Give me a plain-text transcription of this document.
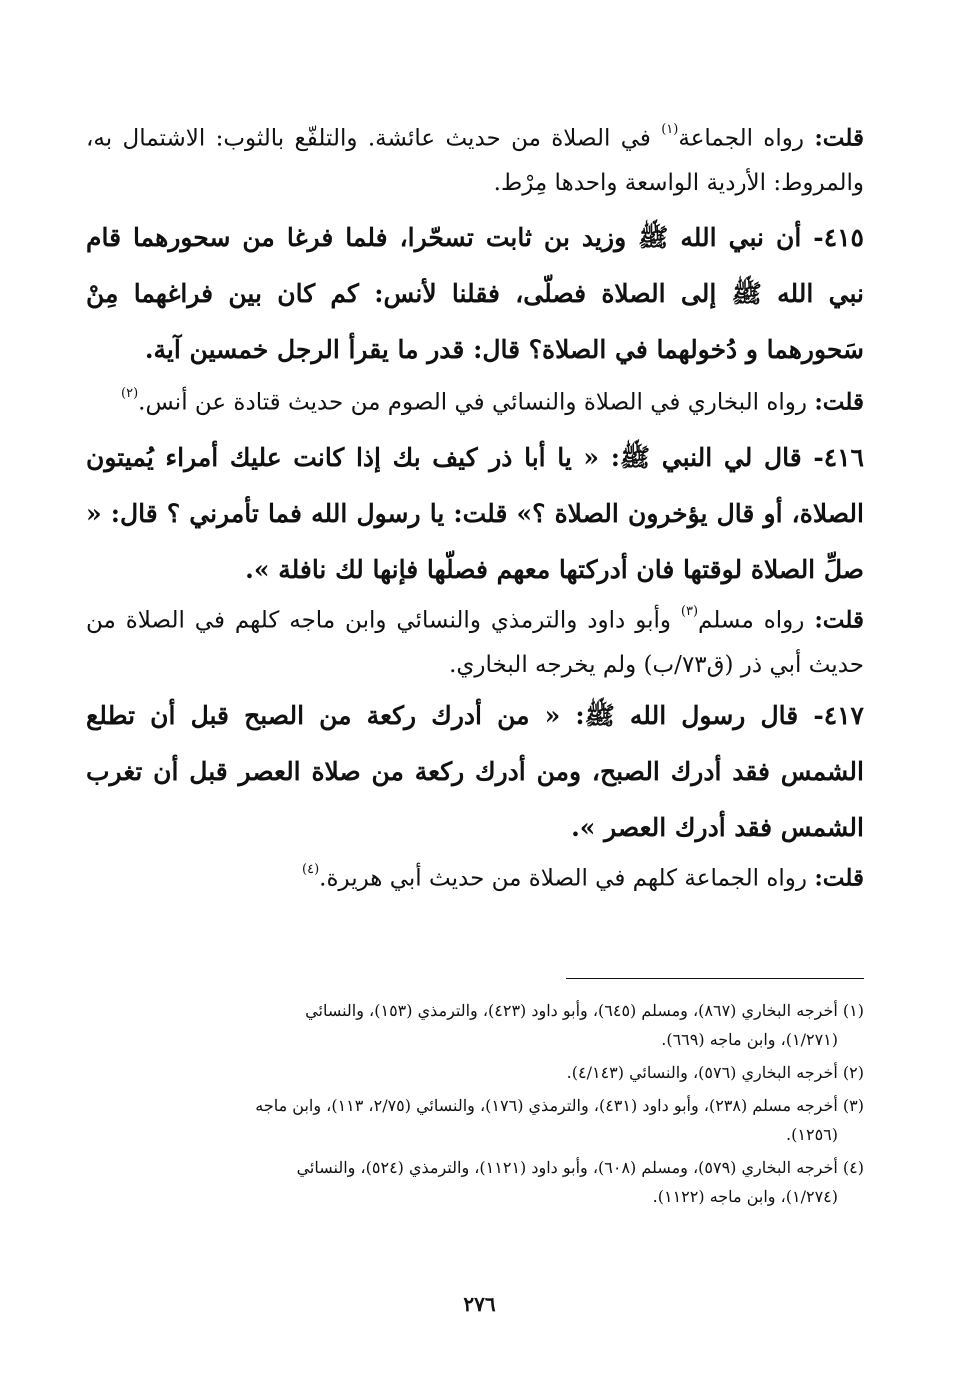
قلت: رواه الجماعة$^{(١)}$ في الصلاة من حديث عائشة. والتلفّع بالثوب: الاشتمال به، والمروط: الأردية الواسعة واحدها مِرْط.
٤١٥- أن نبي الله ﷺ وزيد بن ثابت تسحّرا، فلما فرغا من سحورهما قام نبي الله ﷺ إلى الصلاة فصلّى، فقلنا لأنس: كم كان بين فراغهما مِنْ سَحورهما و دُخولهما في الصلاة؟ قال: قدر ما يقرأ الرجل خمسين آية.
قلت: رواه البخاري في الصلاة والنسائي في الصوم من حديث قتادة عن أنس.$^{(٢)}$
٤١٦- قال لي النبي ﷺ: « يا أبا ذر كيف بك إذا كانت عليك أمراء يُميتون الصلاة، أو قال يؤخرون الصلاة ؟» قلت: يا رسول الله فما تأمرني ؟ قال: « صلِّ الصلاة لوقتها فان أدركتها معهم فصلّها فإنها لك نافلة ».
قلت: رواه مسلم$^{(٣)}$ وأبو داود والترمذي والنسائي وابن ماجه كلهم في الصلاة من حديث أبي ذر (ق٧٣/ب) ولم يخرجه البخاري.
٤١٧- قال رسول الله ﷺ: « من أدرك ركعة من الصبح قبل أن تطلع الشمس فقد أدرك الصبح، ومن أدرك ركعة من صلاة العصر قبل أن تغرب الشمس فقد أدرك العصر ».
قلت: رواه الجماعة كلهم في الصلاة من حديث أبي هريرة.$^{(٤)}$
(١) أخرجه البخاري (٨٦٧)، ومسلم (٦٤٥)، وأبو داود (٤٢٣)، والترمذي (١٥٣)، والنسائي
(١/٢٧١)، وابن ماجه (٦٦٩).
(٢) أخرجه البخاري (٥٧٦)، والنسائي (٤/١٤٣).
(٣) أخرجه مسلم (٢٣٨)، وأبو داود (٤٣١)، والترمذي (١٧٦)، والنسائي (٢/٧٥، ١١٣)، وابن ماجه
(١٢٥٦).
(٤) أخرجه البخاري (٥٧٩)، ومسلم (٦٠٨)، وأبو داود (١١٢١)، والترمذي (٥٢٤)، والنسائي
(١/٢٧٤)، وابن ماجه (١١٢٢).
٢٧٦
